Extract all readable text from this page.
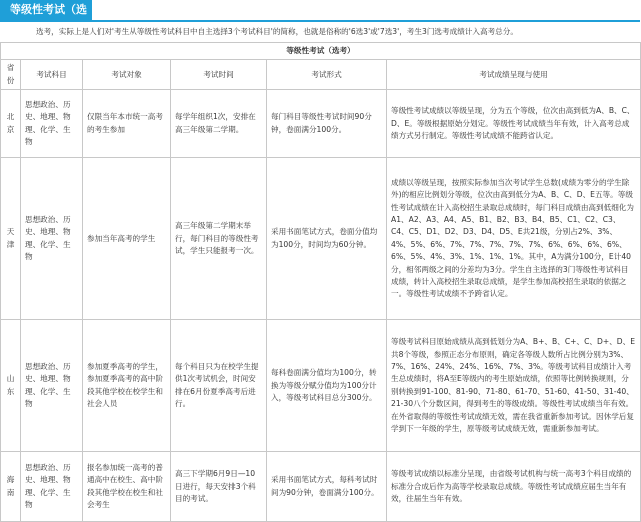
等级性考试（选考） 选考，实际上是人们对'考生从等级性考试科目中自主选择3个考试科目'的简称，也就是俗称的'6选3'或'7选3'，考生3门选考成绩计入高考总分。
等级性考试（选考）					
省份	考试科目	考试对象	考试时间	考试形式	考试成绩呈现与使用

北
京	思想政治、历史、地理、物理、化学、生物	仅限当年本市统一高考的考生参加	每学年组织1次，安排在高三年级第二学期。	每门科目等级性考试时间90分钟，卷面满分100分。	等级性考试成绩以等级呈现，分为五个等级，位次由高到低为A、B、C、D、E。等级根据原始分划定。等级性考试成绩当年有效，计入高考总成绩方式另行制定。等级性考试成绩不能跨省认定。

天
津	思想政治、历史、地理、物理、化学、生物	参加当年高考的学生	高三年级第二学期末举行，每门科目的等级性考试，学生只能报考一次。	采用书面笔试方式，卷面分值均为100分，时间均为60分钟。	成绩以等级呈现，按照实际参加当次考试学生总数(成绩为零分的学生除外)的相应比例划分等级，位次由高到低分为A、B、C、D、E五等。等级性考试成绩在计入高校招生录取总成绩时，每门科目成绩由高到低细化为A1、A2、A3、A4、A5、B1、B2、B3、B4、B5、C1、C2、C3、C4、C5、D1、D2、D3、D4、D5、E共21级，分别占2%、3%、4%、5%、6%、7%、7%、7%、7%、7%、6%、6%、6%、6%、6%、5%、4%、3%、1%、1%、1%。其中，A为满分100分，E计40分，相邻两级之间的分差均为3分。学生自主选择的3门等级性考试科目成绩，转计入高校招生录取总成绩，是学生参加高校招生录取的依据之一。等级性考试成绩不予跨省认定。

山
东	思想政治、历史、地理、物理、化学、生物	参加夏季高考的学生，参加夏季高考的高中阶段其他学校在校学生和社会人员	每个科目只为在校学生提供1次考试机会，时间安排在6月份夏季高考后进行。	每科卷面满分值均为100分，转换为等级分赋分值均为100分计入，等级考试科目总分300分。	等级考试科目原始成绩从高到低划分为A、B+、B、C+、C、D+、D、E共8个等级，参照正态分布原则，确定各等级人数所占比例分别为3%、7%、16%、24%、24%、16%、7%、3%。等级考试科目成绩计入考生总成绩时，将A至E等级内的考生原始成绩，依照等比例转换规则，分别转换到91-100、81-90、71-80、61-70、51-60、41-50、31-40、21-30八个分数区间，得到考生的等级成绩。等级性考试成绩当年有效。在外省取得的等级性考试成绩无效，需在我省重新参加考试。因休学后复学到下一年级的学生，原等级考试成绩无效，需重新参加考试。

海
南	思想政治、历史、地理、物理、化学、生物	报名参加统一高考的普通高中在校生、高中阶段其他学校在校生和社会考生	高三下学期6月9日—10日进行，每天安排3个科目的考试。	采用书面笔试方式，每科考试时间为90分钟，卷面满分100分。	等级考试成绩以标准分呈现，由省级考试机构与统一高考3个科目成绩的标准分合成后作为高等学校录取总成绩。等级性考试成绩应届生当年有效，往届生当年有效。
